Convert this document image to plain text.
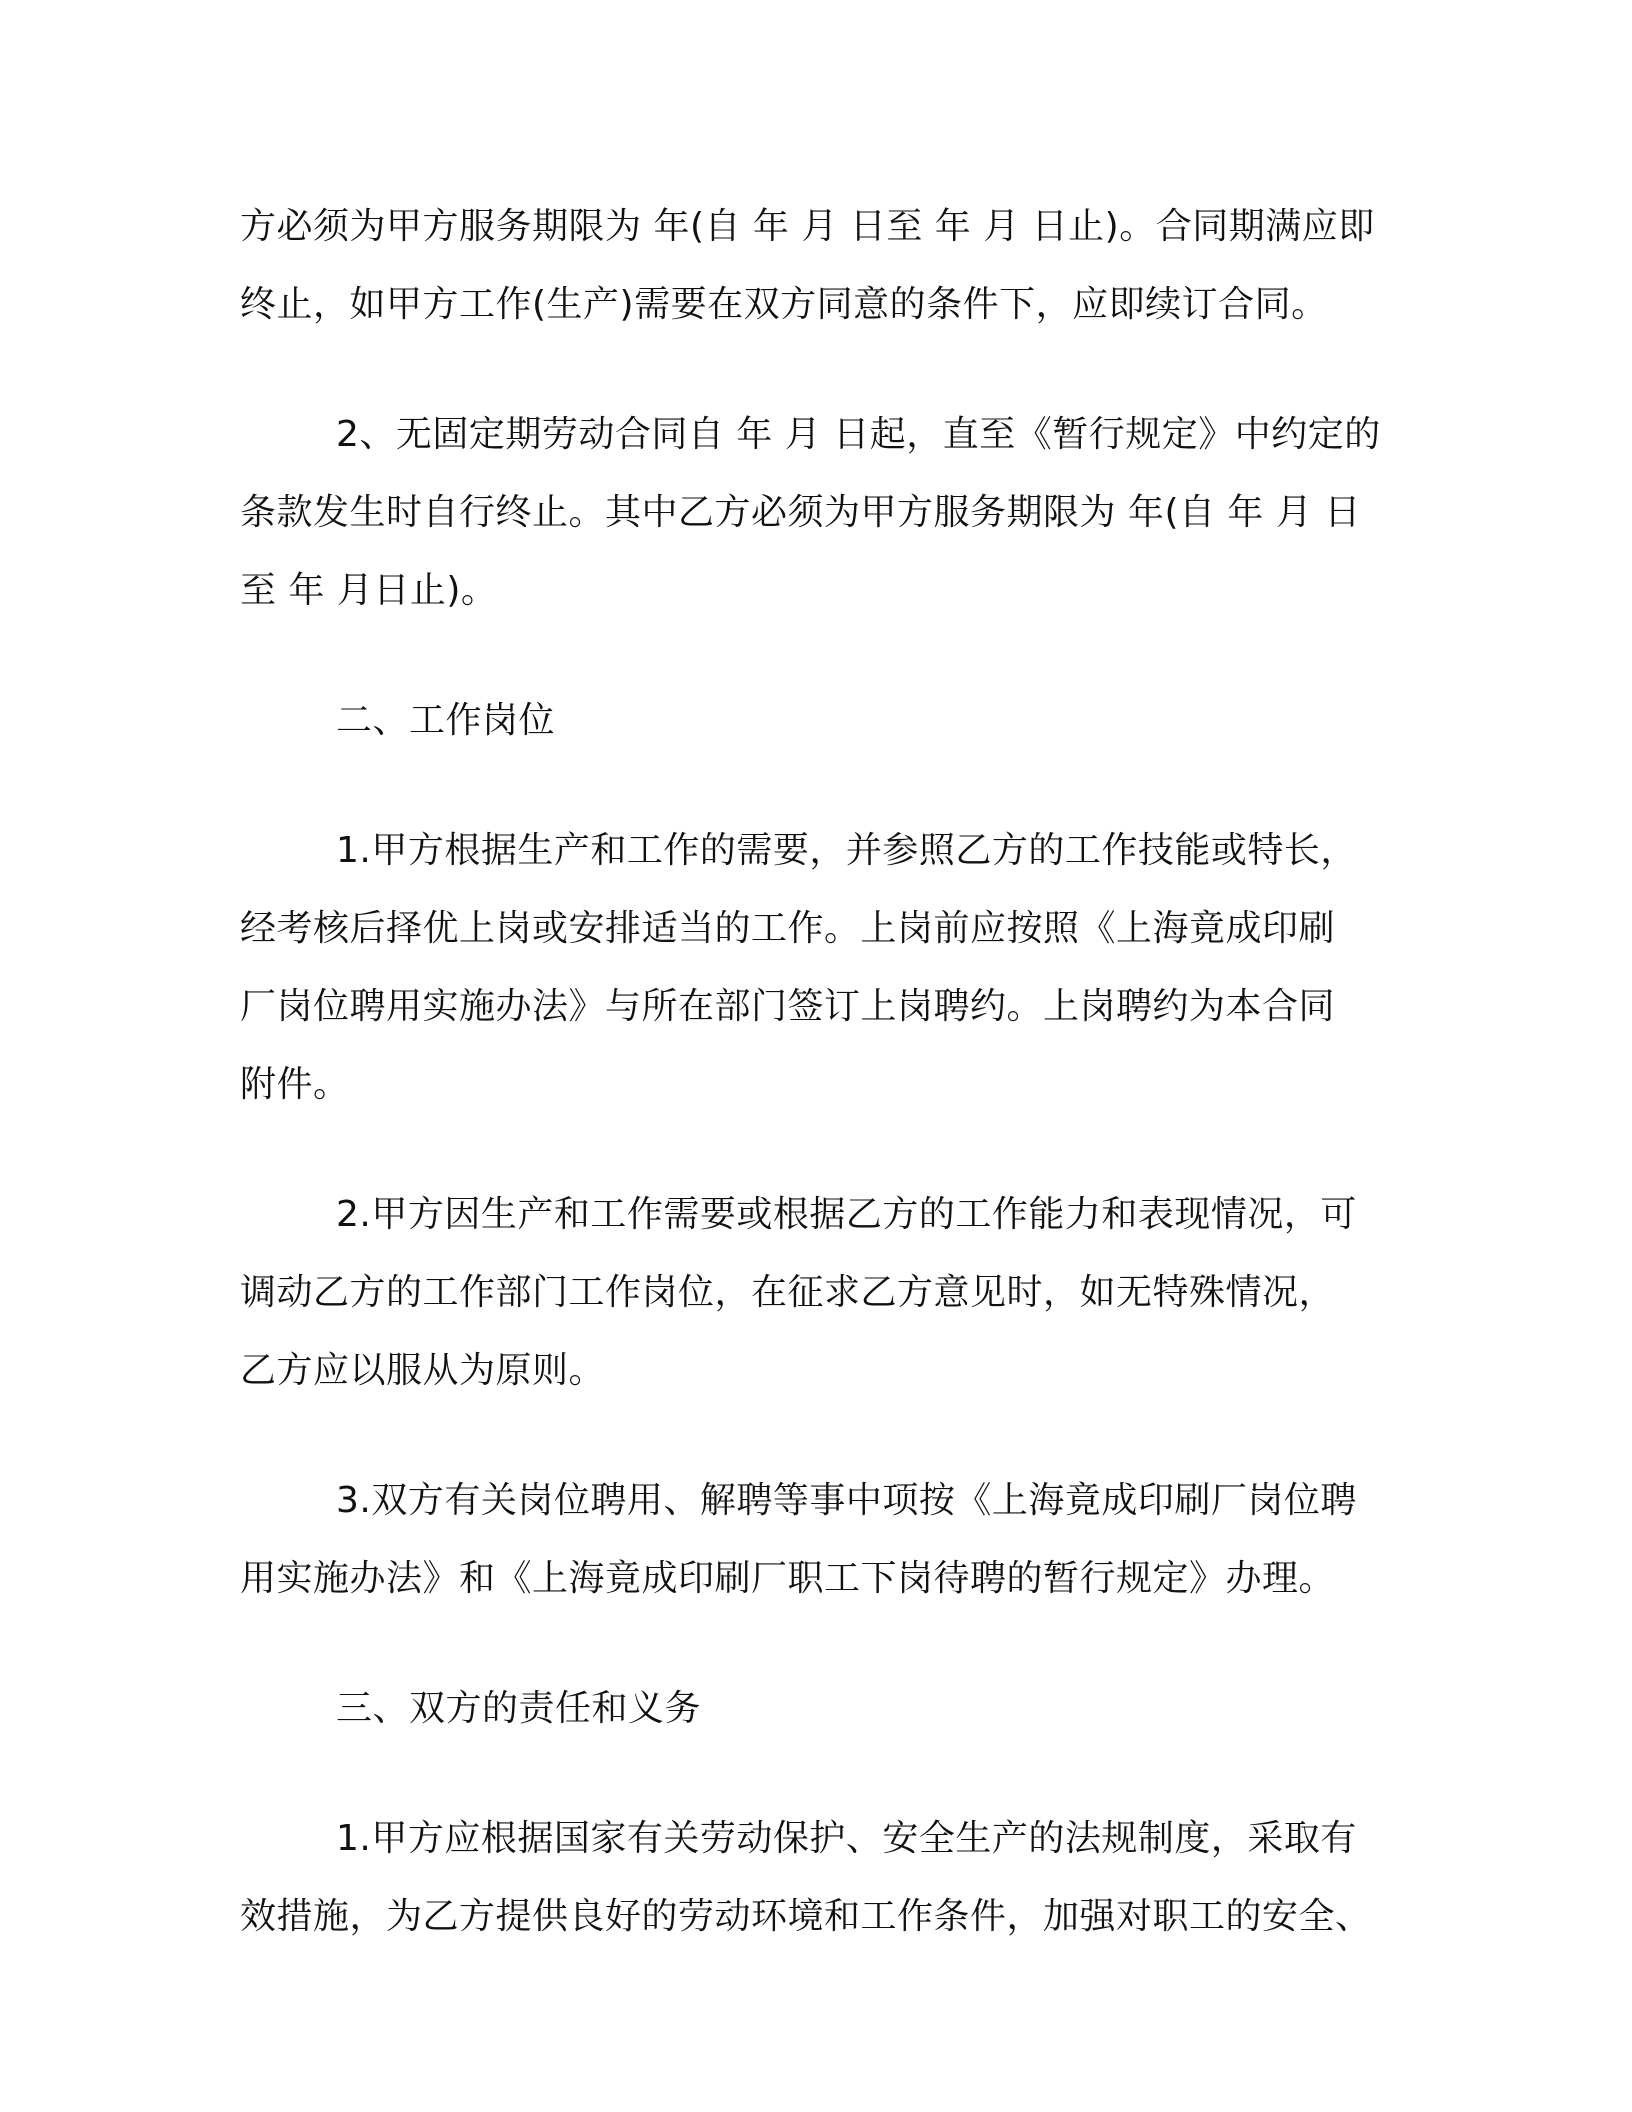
方必须为甲方服务期限为 年(自 年 月 日至 年 月 日止)。合同期满应即
终止，如甲方工作(生产)需要在双方同意的条件下，应即续订合同。
2、无固定期劳动合同自 年 月 日起，直至《暂行规定》中约定的
条款发生时自行终止。其中乙方必须为甲方服务期限为 年(自 年 月 日
至 年 月日止)。
二、工作岗位
1.甲方根据生产和工作的需要，并参照乙方的工作技能或特长，
经考核后择优上岗或安排适当的工作。上岗前应按照《上海竟成印刷
厂岗位聘用实施办法》与所在部门签订上岗聘约。上岗聘约为本合同
附件。
2.甲方因生产和工作需要或根据乙方的工作能力和表现情况，可
调动乙方的工作部门工作岗位，在征求乙方意见时，如无特殊情况，
乙方应以服从为原则。
3.双方有关岗位聘用、解聘等事中项按《上海竟成印刷厂岗位聘
用实施办法》和《上海竟成印刷厂职工下岗待聘的暂行规定》办理。
三、双方的责任和义务
1.甲方应根据国家有关劳动保护、安全生产的法规制度，采取有
效措施，为乙方提供良好的劳动环境和工作条件，加强对职工的安全、
